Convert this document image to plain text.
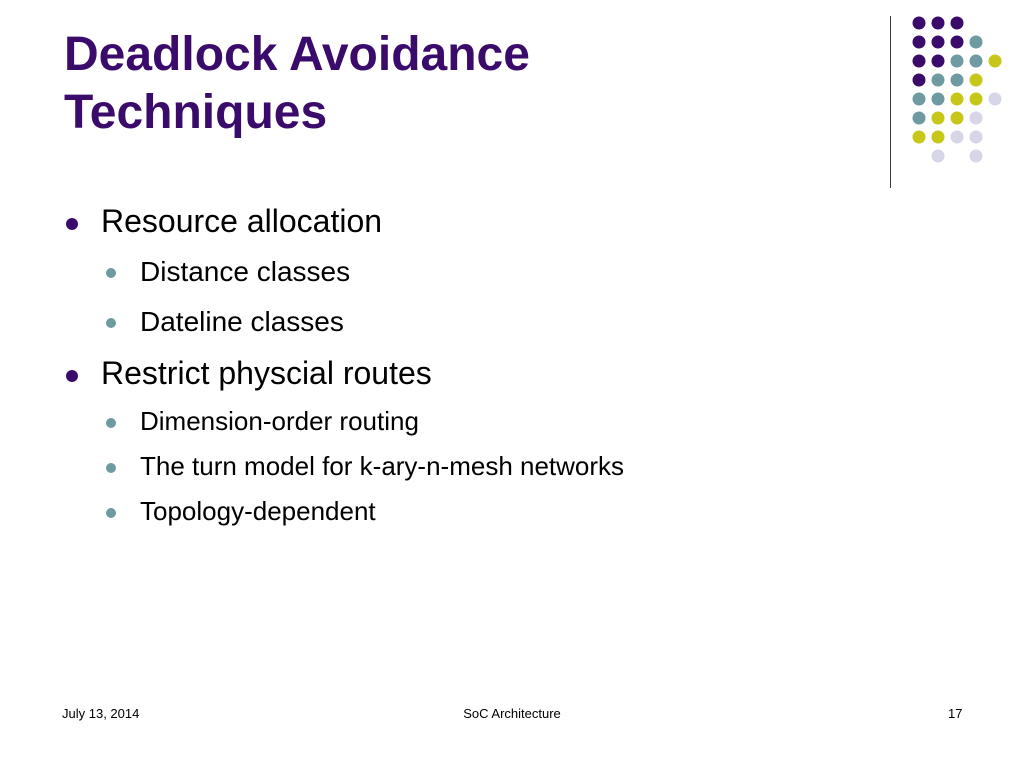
Deadlock Avoidance
Techniques
Resource allocation
Distance classes
Dateline classes
Restrict physcial routes
Dimension-order routing
The turn model for k-ary-n-mesh networks
Topology-dependent
July 13, 2014	SoC Architecture	17
